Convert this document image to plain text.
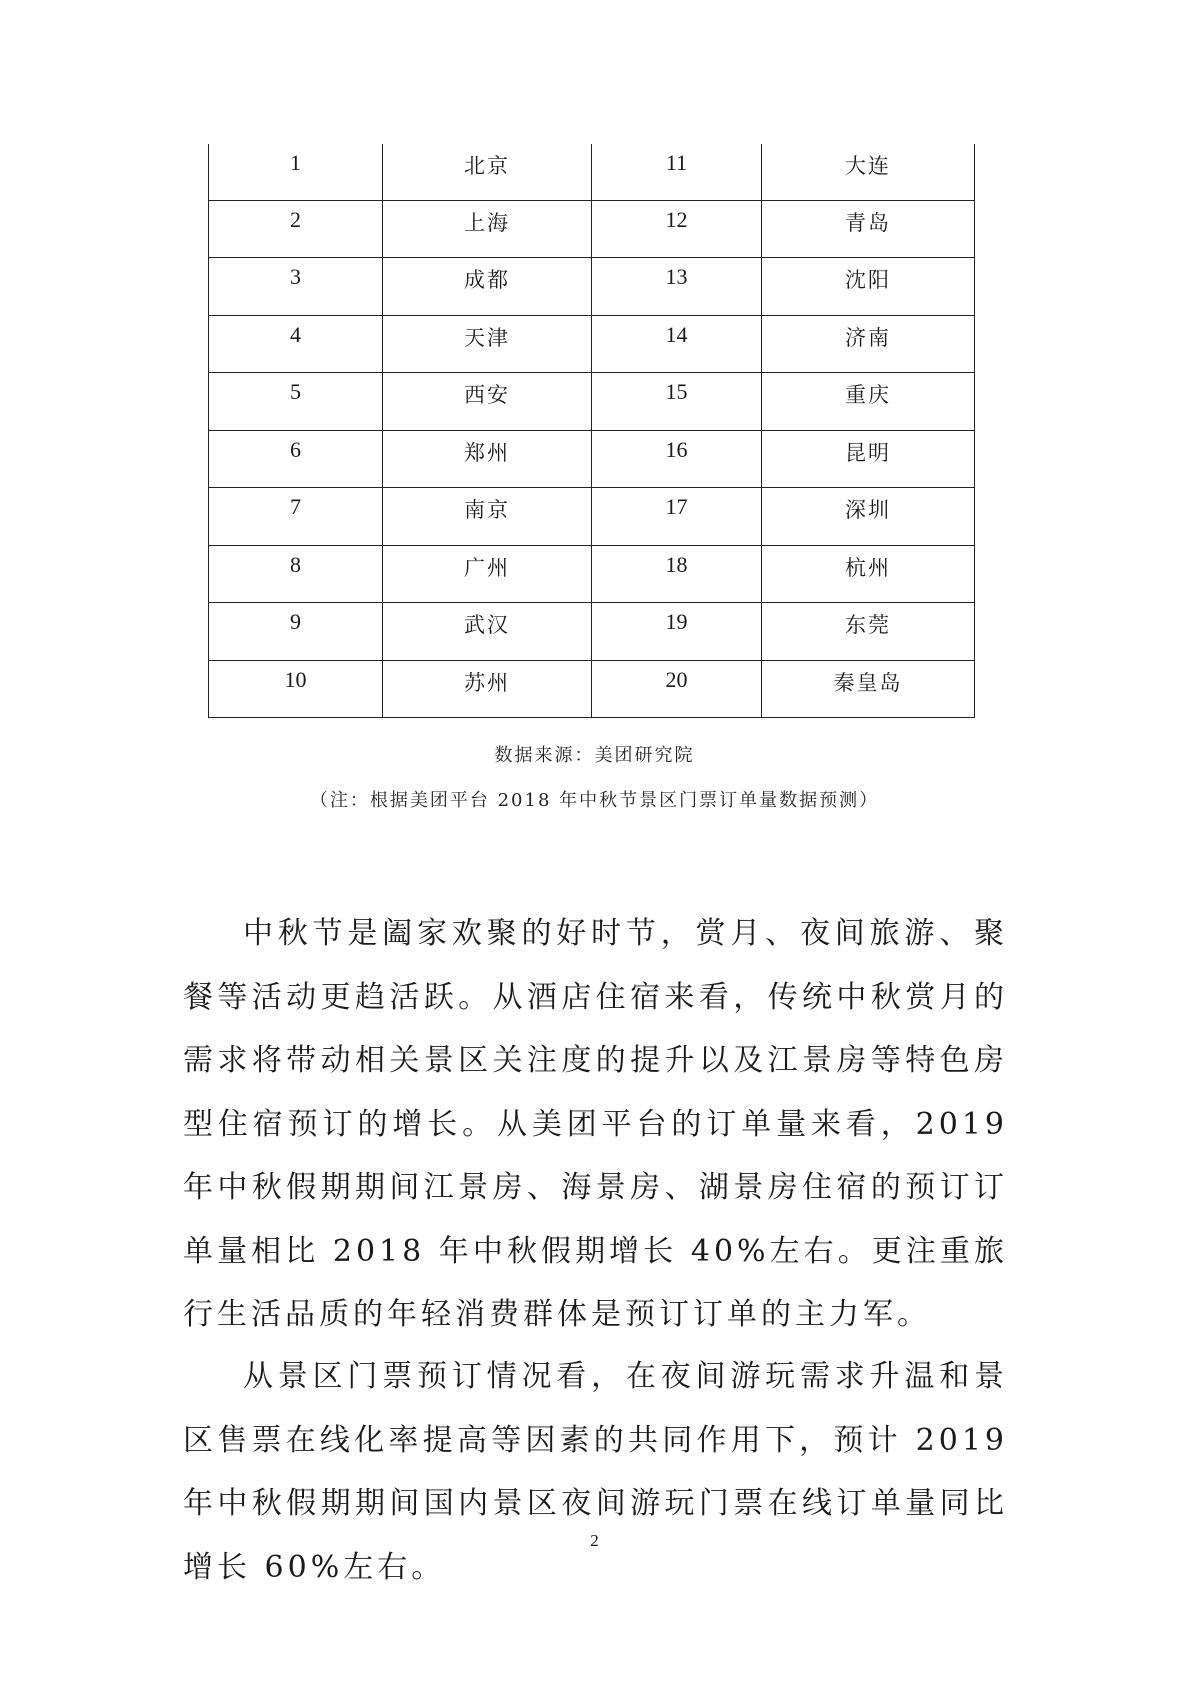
1	北京	11	大连
2	上海	12	青岛
3	成都	13	沈阳
4	天津	14	济南
5	西安	15	重庆
6	郑州	16	昆明
7	南京	17	深圳
8	广州	18	杭州
9	武汉	19	东莞
10	苏州	20	秦皇岛
数据来源：美团研究院
（注：根据美团平台 2018 年中秋节景区门票订单量数据预测）

中秋节是阖家欢聚的好时节，赏月、夜间旅游、聚餐等活动更趋活跃。从酒店住宿来看，传统中秋赏月的需求将带动相关景区关注度的提升以及江景房等特色房型住宿预订的增长。从美团平台的订单量来看，2019 年中秋假期期间江景房、海景房、湖景房住宿的预订订单量相比 2018 年中秋假期增长 40%左右。更注重旅行生活品质的年轻消费群体是预订订单的主力军。

从景区门票预订情况看，在夜间游玩需求升温和景区售票在线化率提高等因素的共同作用下，预计 2019 年中秋假期期间国内景区夜间游玩门票在线订单量同比增长 60%左右。

2
